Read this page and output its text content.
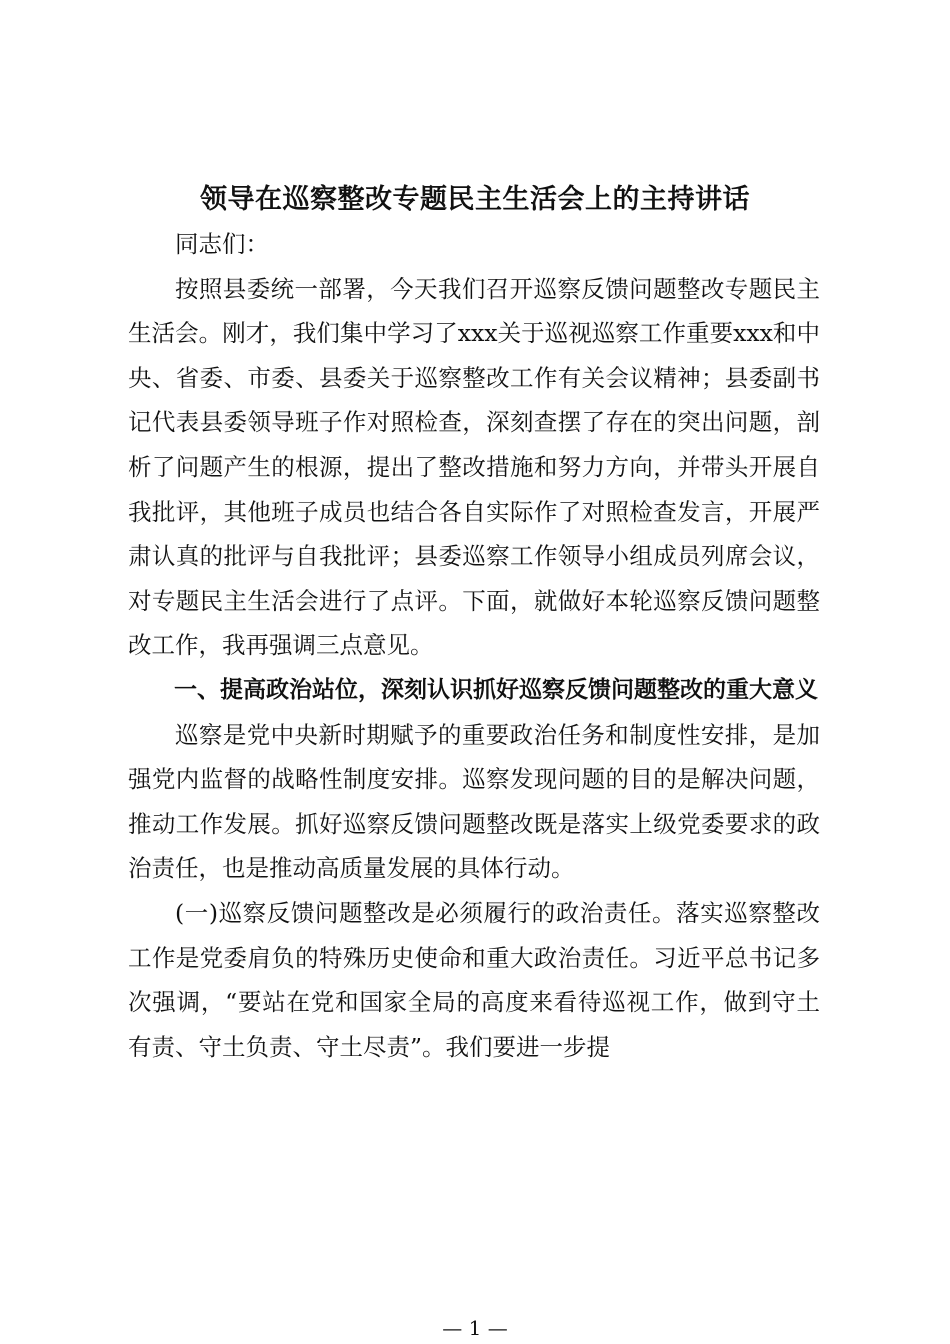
领导在巡察整改专题民主生活会上的主持讲话

同志们：

按照县委统一部署，今天我们召开巡察反馈问题整改专题民主生活会。刚才，我们集中学习了xxx关于巡视巡察工作重要xxx和中央、省委、市委、县委关于巡察整改工作有关会议精神；县委副书记代表县委领导班子作对照检查，深刻查摆了存在的突出问题，剖析了问题产生的根源，提出了整改措施和努力方向，并带头开展自我批评，其他班子成员也结合各自实际作了对照检查发言，开展严肃认真的批评与自我批评；县委巡察工作领导小组成员列席会议，对专题民主生活会进行了点评。下面，就做好本轮巡察反馈问题整改工作，我再强调三点意见。

一、提高政治站位，深刻认识抓好巡察反馈问题整改的重大意义

巡察是党中央新时期赋予的重要政治任务和制度性安排，是加强党内监督的战略性制度安排。巡察发现问题的目的是解决问题，推动工作发展。抓好巡察反馈问题整改既是落实上级党委要求的政治责任，也是推动高质量发展的具体行动。

(一)巡察反馈问题整改是必须履行的政治责任。落实巡察整改工作是党委肩负的特殊历史使命和重大政治责任。习近平总书记多次强调，“要站在党和国家全局的高度来看待巡视工作，做到守土有责、守土负责、守土尽责”。我们要进一步提

— 1 —
